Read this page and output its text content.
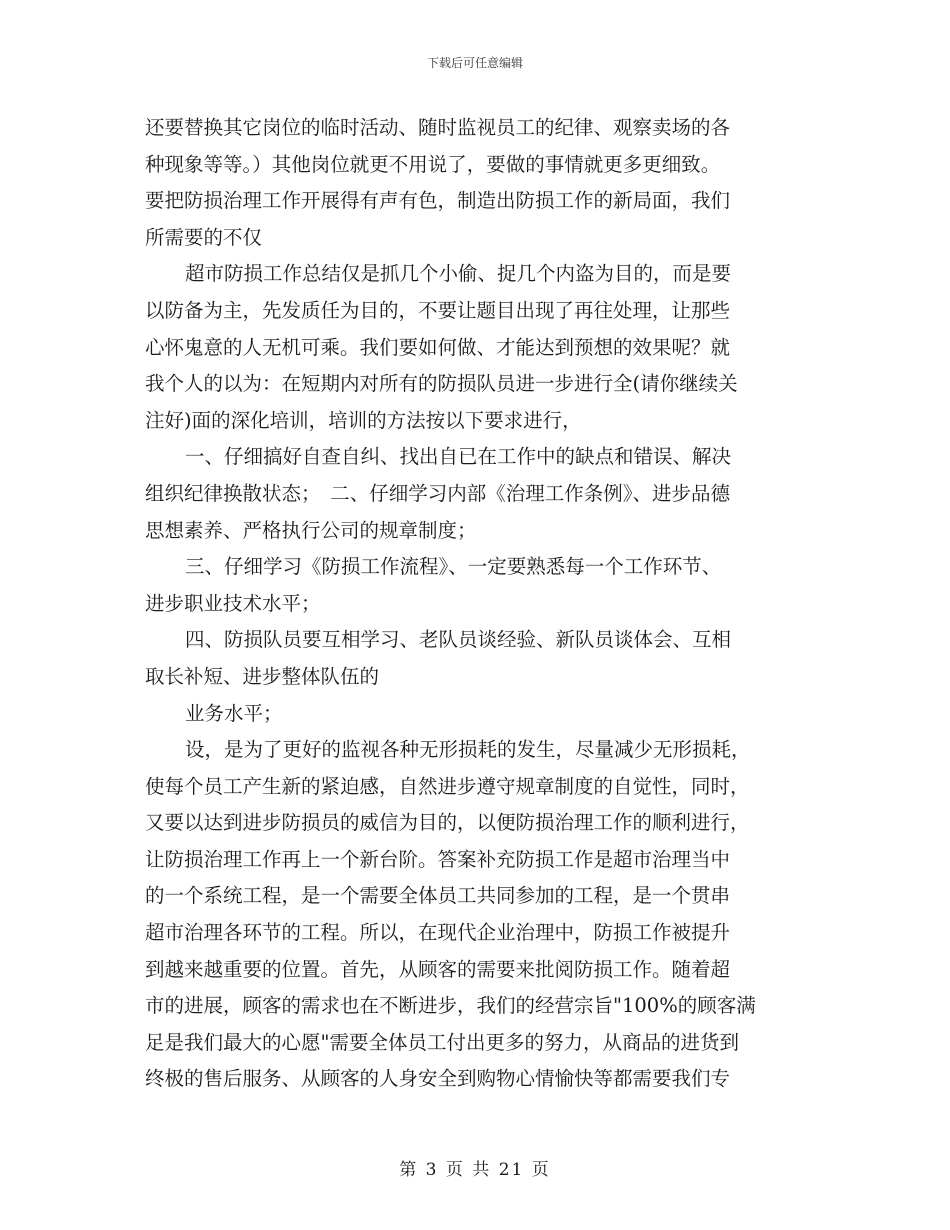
下载后可任意编辑
还要替换其它岗位的临时活动、随时监视员工的纪律、观察卖场的各
种现象等等。）其他岗位就更不用说了，要做的事情就更多更细致。
要把防损治理工作开展得有声有色，制造出防损工作的新局面，我们
所需要的不仅
超市防损工作总结仅是抓几个小偷、捉几个内盗为目的，而是要
以防备为主，先发质任为目的，不要让题目出现了再往处理，让那些
心怀鬼意的人无机可乘。我们要如何做、才能达到预想的效果呢？就
我个人的以为：在短期内对所有的防损队员进一步进行全(请你继续关
注好)面的深化培训，培训的方法按以下要求进行，
一、仔细搞好自查自纠、找出自已在工作中的缺点和错误、解决
组织纪律换散状态；　二、仔细学习内部《治理工作条例》、进步品德
思想素养、严格执行公司的规章制度；
三、仔细学习《防损工作流程》、一定要熟悉每一个工作环节、
进步职业技术水平；
四、防损队员要互相学习、老队员谈经验、新队员谈体会、互相
取长补短、进步整体队伍的
业务水平；
设，是为了更好的监视各种无形损耗的发生，尽量减少无形损耗，
使每个员工产生新的紧迫感，自然进步遵守规章制度的自觉性，同时，
又要以达到进步防损员的威信为目的，以便防损治理工作的顺利进行，
让防损治理工作再上一个新台阶。答案补充防损工作是超市治理当中
的一个系统工程，是一个需要全体员工共同参加的工程，是一个贯串
超市治理各环节的工程。所以，在现代企业治理中，防损工作被提升
到越来越重要的位置。首先，从顾客的需要来批阅防损工作。随着超
市的进展，顾客的需求也在不断进步，我们的经营宗旨"100%的顾客满
足是我们最大的心愿"需要全体员工付出更多的努力，从商品的进货到
终极的售后服务、从顾客的人身安全到购物心情愉快等都需要我们专
第 3 页 共 21 页
